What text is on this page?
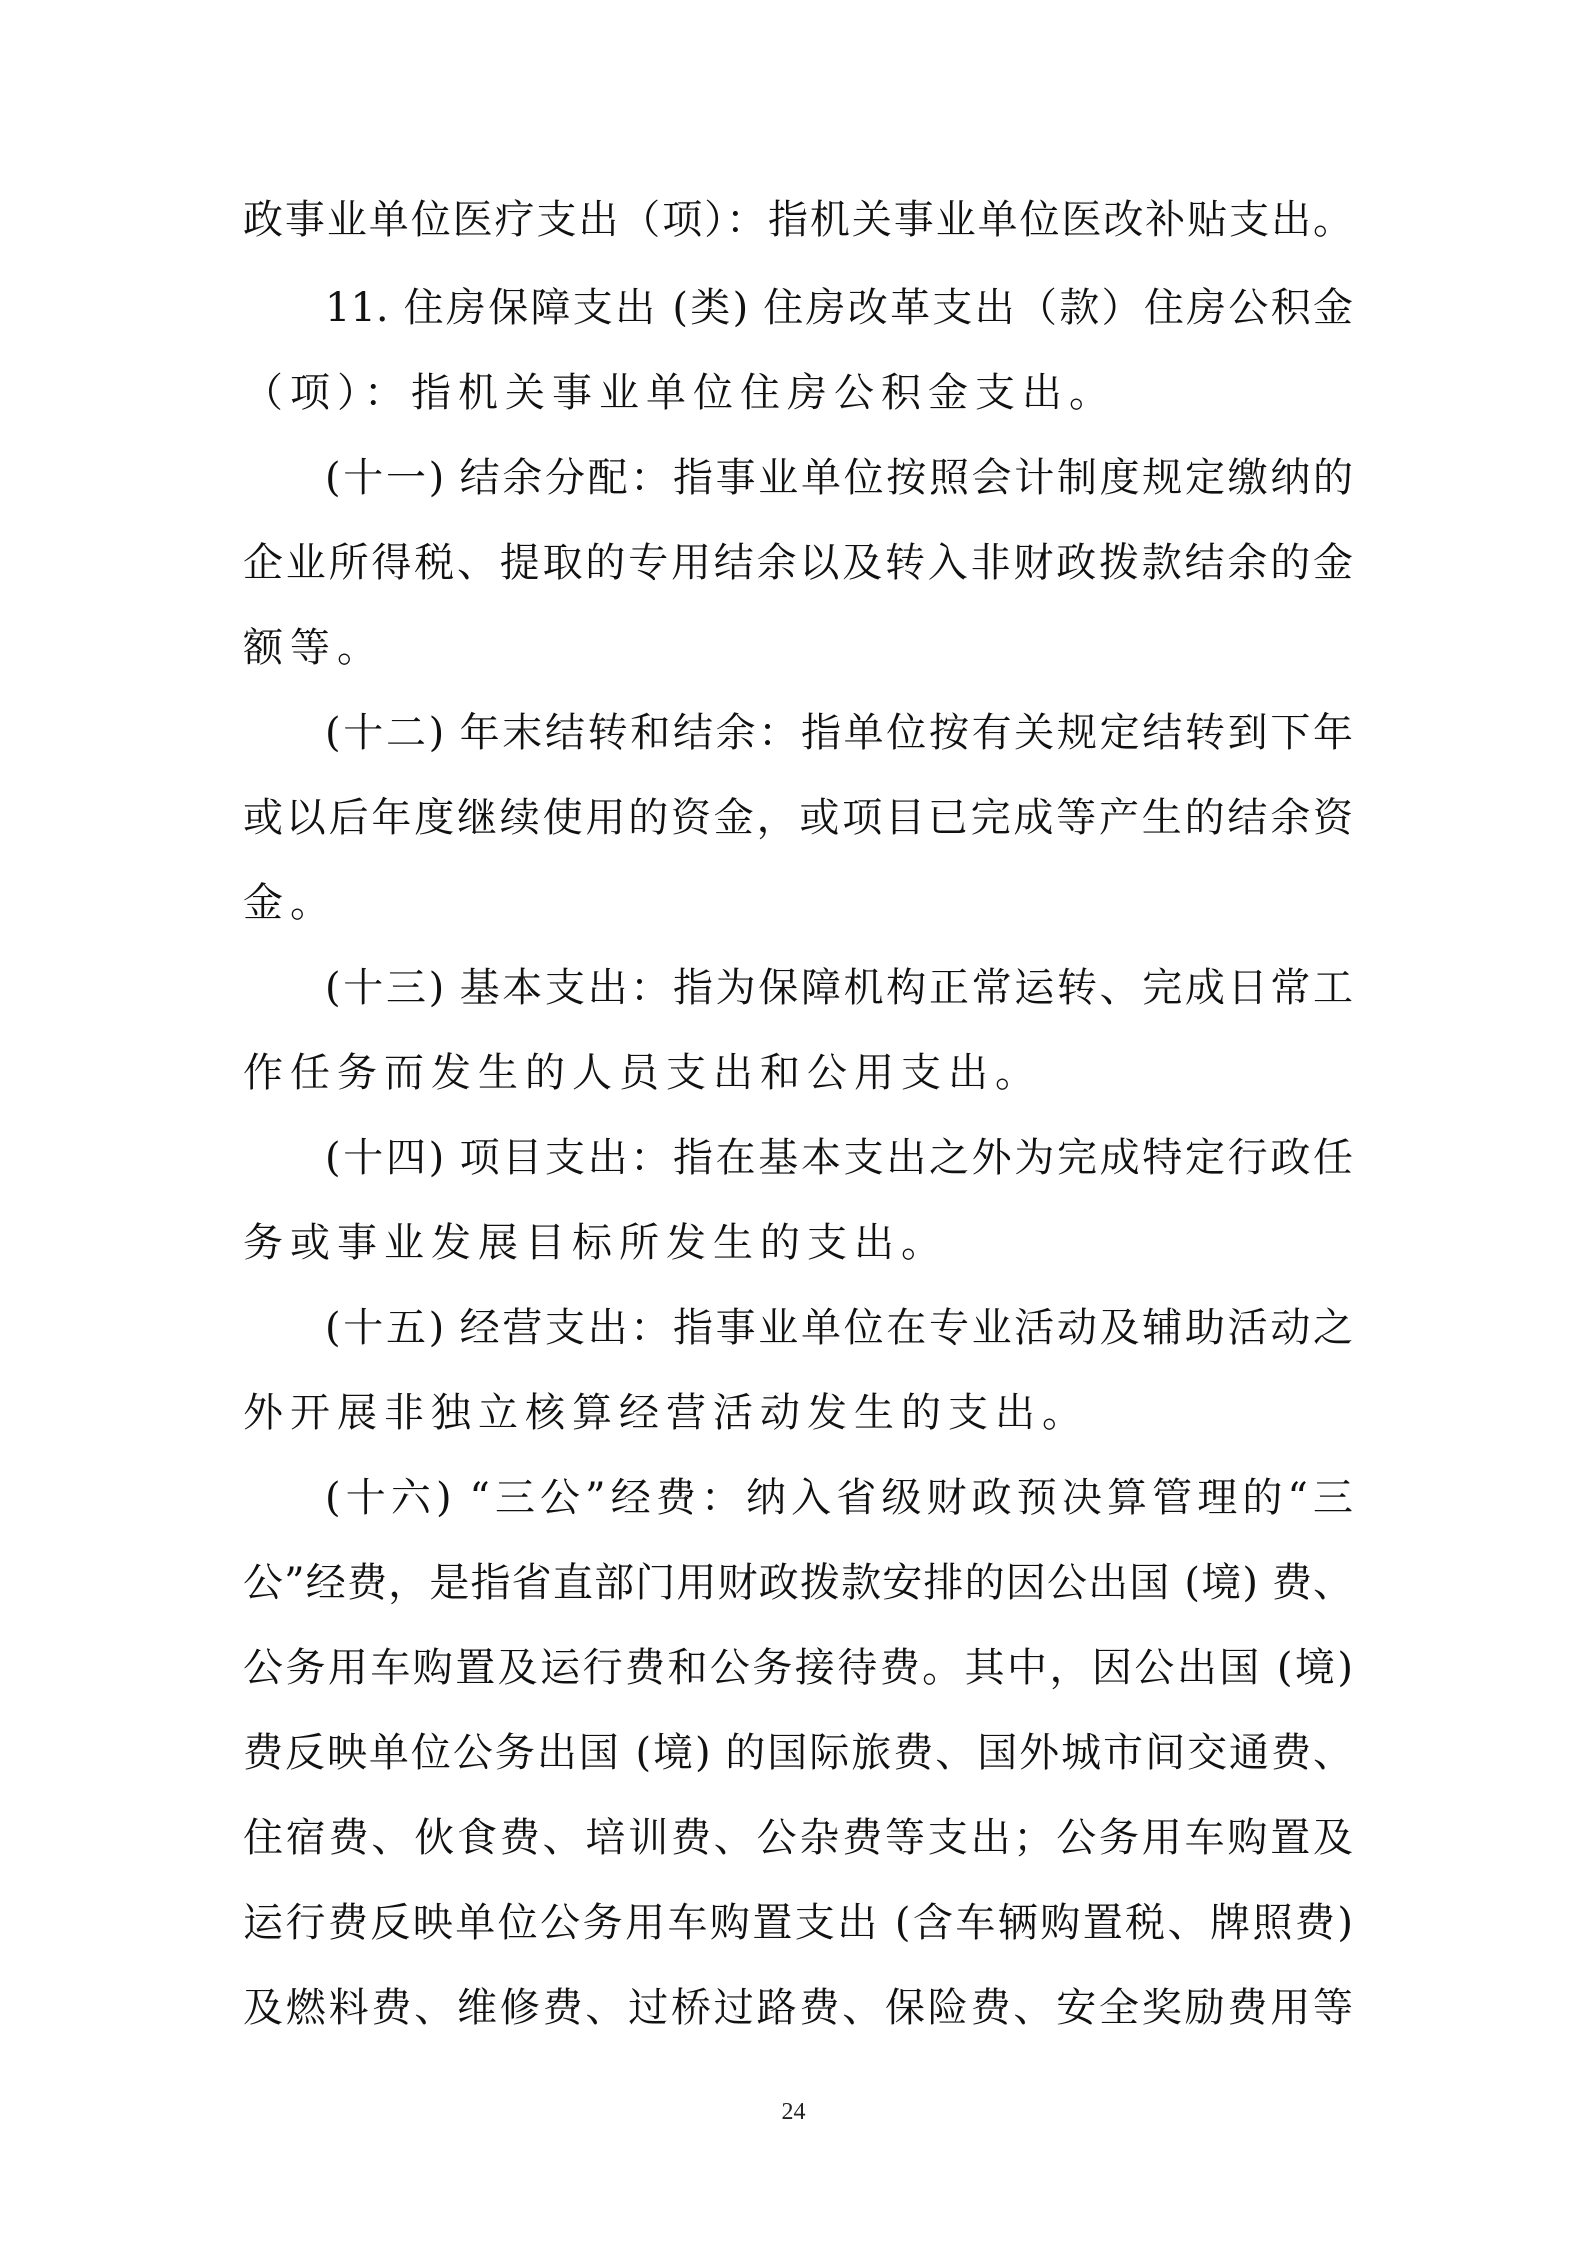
政事业单位医疗支出（项）：指机关事业单位医改补贴支出。
11. 住房保障支出 (类) 住房改革支出（款）住房公积金
（项）：指机关事业单位住房公积金支出。
(十一) 结余分配：指事业单位按照会计制度规定缴纳的
企业所得税、提取的专用结余以及转入非财政拨款结余的金
额等。
(十二) 年末结转和结余：指单位按有关规定结转到下年
或以后年度继续使用的资金，或项目已完成等产生的结余资
金。
(十三) 基本支出：指为保障机构正常运转、完成日常工
作任务而发生的人员支出和公用支出。
(十四) 项目支出：指在基本支出之外为完成特定行政任
务或事业发展目标所发生的支出。
(十五) 经营支出：指事业单位在专业活动及辅助活动之
外开展非独立核算经营活动发生的支出。
(十六) “三公”经费：纳入省级财政预决算管理的“三
公”经费，是指省直部门用财政拨款安排的因公出国 (境) 费、
公务用车购置及运行费和公务接待费。其中，因公出国 (境)
费反映单位公务出国 (境) 的国际旅费、国外城市间交通费、
住宿费、伙食费、培训费、公杂费等支出；公务用车购置及
运行费反映单位公务用车购置支出 (含车辆购置税、牌照费)
及燃料费、维修费、过桥过路费、保险费、安全奖励费用等
24
